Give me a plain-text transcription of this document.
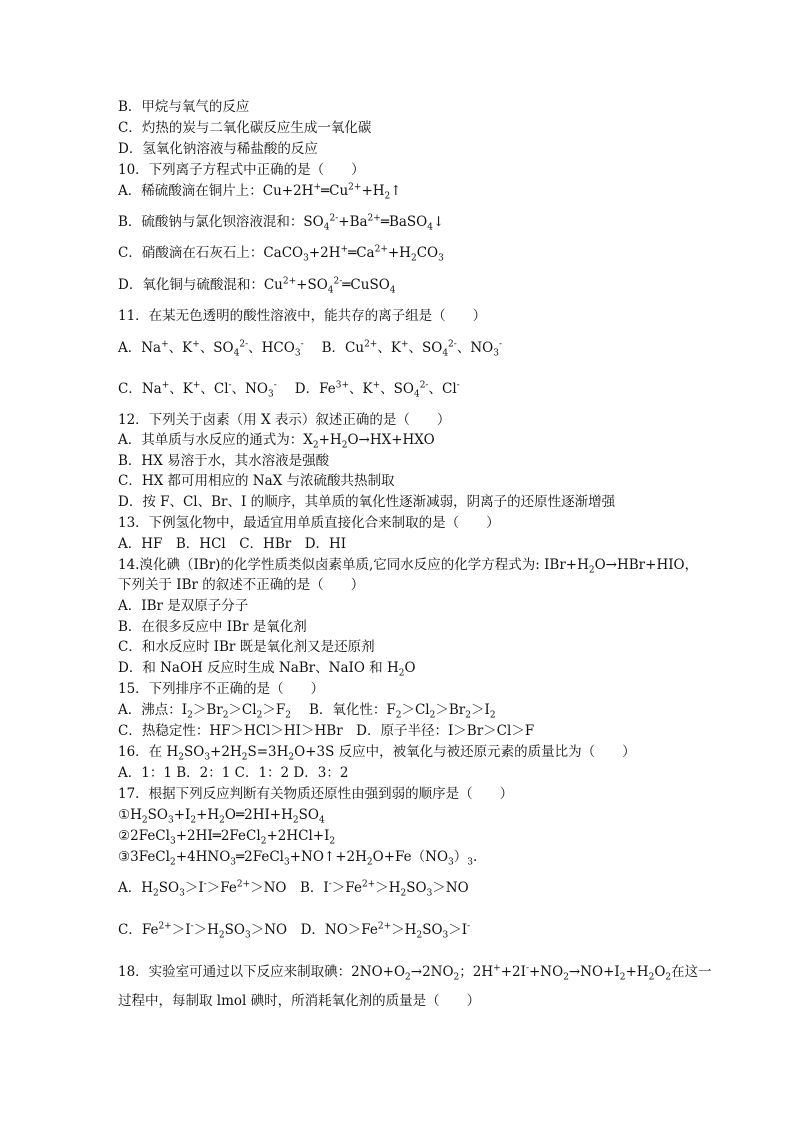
B．甲烷与氧气的反应
C．灼热的炭与二氧化碳反应生成一氧化碳
D．氢氧化钠溶液与稀盐酸的反应
10．下列离子方程式中正确的是（　　）
A．稀硫酸滴在铜片上：$Cu+2H^+═Cu^{2+}+H_2↑$
B．硫酸钠与氯化钡溶液混和：$SO_4^{2-}+Ba^{2+}═BaSO_4↓$
C．硝酸滴在石灰石上：$CaCO_3+2H^+═Ca^{2+}+H_2CO_3$
D．氧化铜与硫酸混和：$Cu^{2+}+SO_4^{2-}═CuSO_4$
11．在某无色透明的酸性溶液中，能共存的离子组是（　　）
A．Na+、K+、$SO_4^{2-}$、$HCO_3^-$ B．$Cu^{2+}$、K+、$SO_4^{2-}$、$NO_3^-$
C．Na+、K+、Cl-、$NO_3^-$ D．$Fe^{3+}$、K+、$SO_4^{2-}$、Cl-
12．下列关于卤素（用 X 表示）叙述正确的是（　　）
A．其单质与水反应的通式为：$X_2+H_2O\to HX+HXO$
B．HX 易溶于水，其水溶液是强酸
C．HX 都可用相应的 NaX 与浓硫酸共热制取
D．按 F、Cl、Br、I 的顺序，其单质的氧化性逐渐减弱，阴离子的还原性逐渐增强
13．下例氢化物中，最适宜用单质直接化合来制取的是（　　）
A．HF　B．HCl　C．HBr　D．HI
14.溴化碘（IBr)的化学性质类似卤素单质,它同水反应的化学方程式为: $IBr+H_2O\to HBr+HIO$，
下列关于 IBr 的叙述不正确的是（　　）
A．IBr 是双原子分子
B．在很多反应中 IBr 是氧化剂
C．和水反应时 IBr 既是氧化剂又是还原剂
D．和 NaOH 反应时生成 NaBr、NaIO 和 $H_2O$
15．下列排序不正确的是（　　）
A．沸点：$I_2>Br_2>Cl_2>F_2$ B．氧化性：$F_2>Cl_2>Br_2>I_2$
C．热稳定性：HF＞HCl＞HI＞HBr　D．原子半径：I＞Br＞Cl＞F
16．在 $H_2SO_3+2H_2S=3H_2O+3S$ 反应中，被氧化与被还原元素的质量比为（　　）
A．1：1 B．2：1 C．1：2 D．3：2
17．根据下列反应判断有关物质还原性由强到弱的顺序是（　　）
$①H_2SO_3+I_2+H_2O═2HI+H_2SO_4$
$②2FeCl_3+2HI═2FeCl_2+2HCl+I_2$
$③3FeCl_2+4HNO_3═2FeCl_3+NO↑+2H_2O+Fe(NO_3)_3$.
A．$H_2SO_3>I^->Fe^{2+}>NO$　B．$I^->Fe^{2+}>H_2SO_3>NO$
C．$Fe^{2+}>I^->H_2SO_3>NO$　D．$NO>Fe^{2+}>H_2SO_3>I^-$
18．实验室可通过以下反应来制取碘：$2NO+O_2\to 2NO_2$；$2H^++2I^-+NO_2\to NO+I_2+H_2O_2$在这一
过程中，每制取 lmol 碘时，所消耗氧化剂的质量是（　　）
